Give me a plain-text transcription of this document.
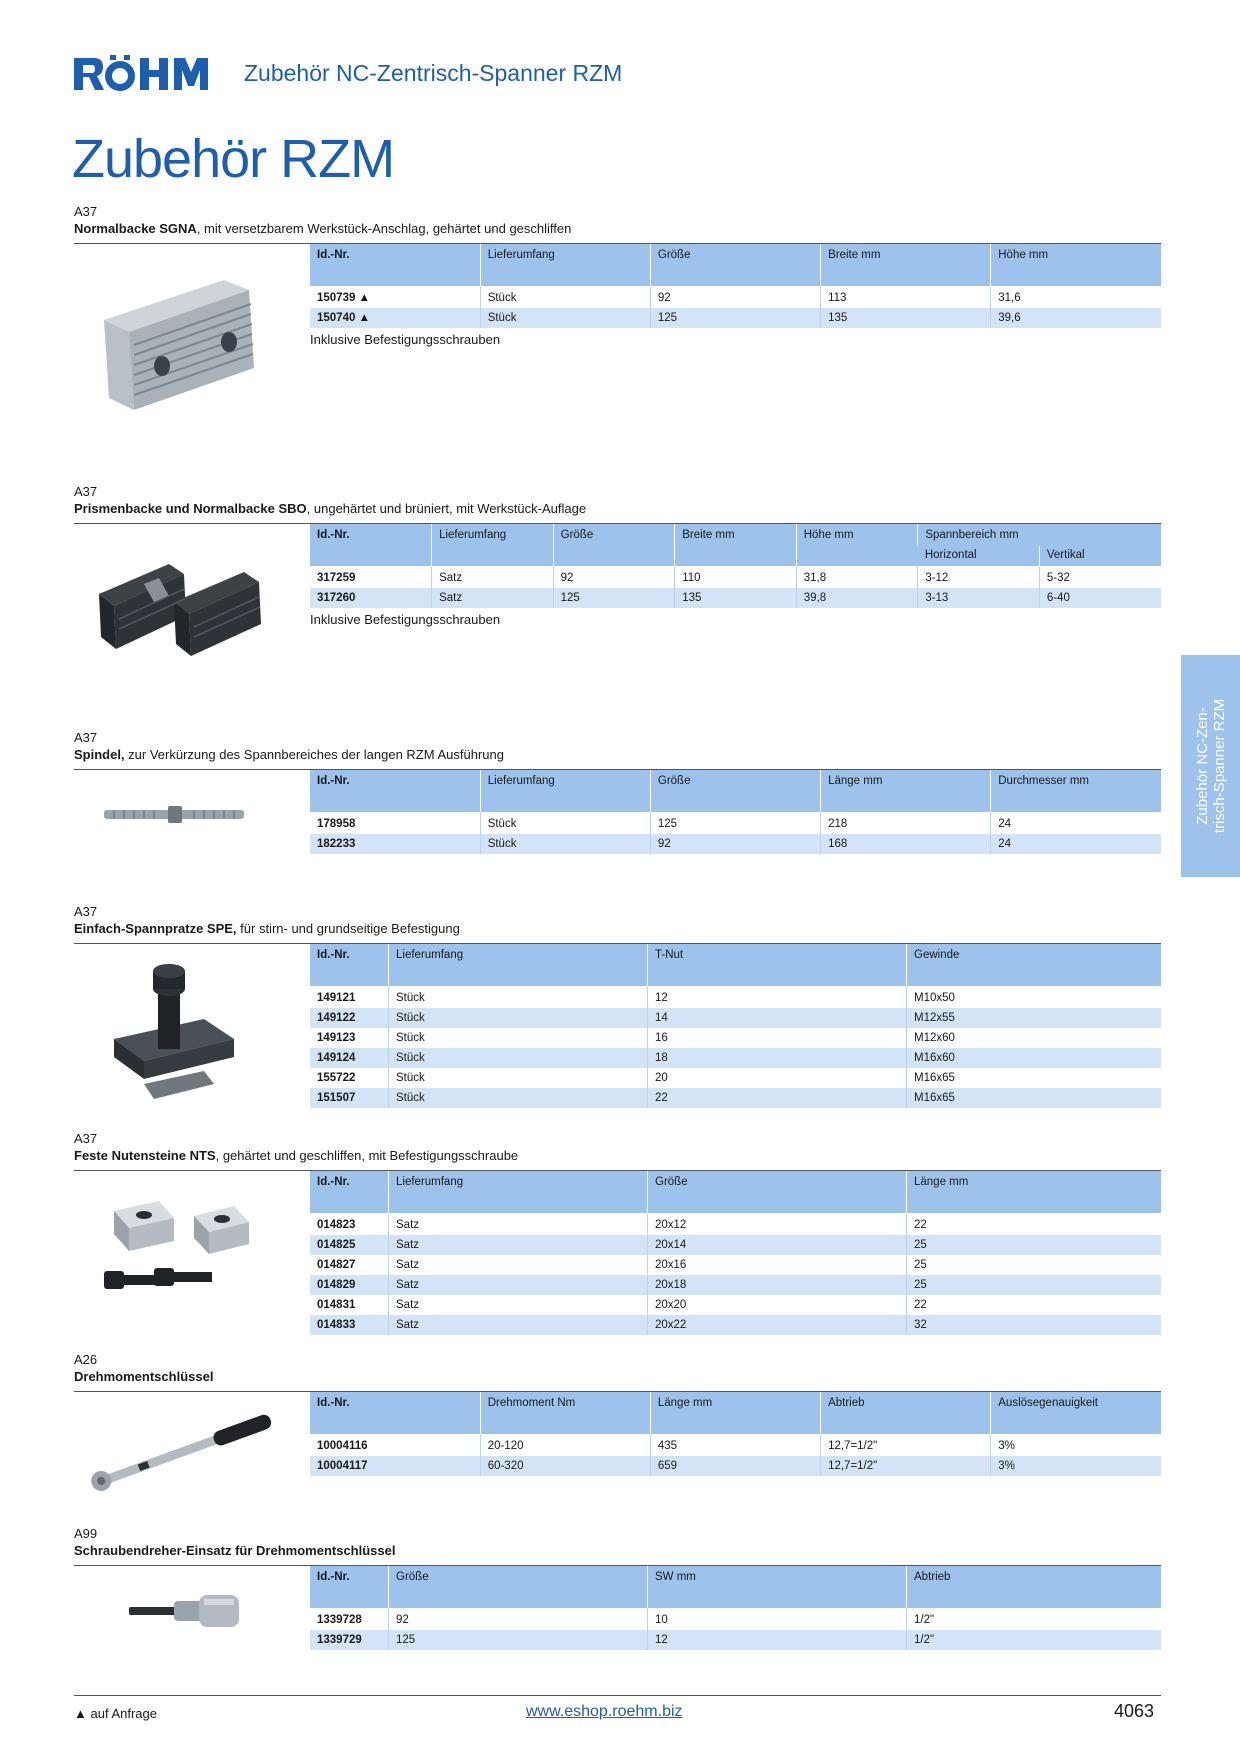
Zubehör NC-Zentrisch-Spanner RZM
Zubehör RZM
Zubehör NC-Zen- trisch-Spanner RZM
A37
Normalbacke SGNA, mit versetzbarem Werkstück-Anschlag, gehärtet und geschliffen
Id.-Nr.	Lieferumfang	Größe	Breite mm	Höhe mm
150739 ▲	Stück	92	113	31,6
150740 ▲	Stück	125	135	39,6
Inklusive Befestigungsschrauben
A37
Prismenbacke und Normalbacke SBO, ungehärtet und brüniert, mit Werkstück-Auflage
Id.-Nr.	Lieferumfang	Größe	Breite mm	Höhe mm	Spannbereich mm	
					Horizontal	Vertikal
317259	Satz	92	110	31,8	3-12	5-32
317260	Satz	125	135	39,8	3-13	6-40
Inklusive Befestigungsschrauben
A37
Spindel, zur Verkürzung des Spannbereiches der langen RZM Ausführung
Id.-Nr.	Lieferumfang	Größe	Länge mm	Durchmesser mm
178958	Stück	125	218	24
182233	Stück	92	168	24
A37
Einfach-Spannpratze SPE, für stirn- und grundseitige Befestigung
Id.-Nr.	Lieferumfang	T-Nut	Gewinde
149121	Stück	12	M10x50
149122	Stück	14	M12x55
149123	Stück	16	M12x60
149124	Stück	18	M16x60
155722	Stück	20	M16x65
151507	Stück	22	M16x65
A37
Feste Nutensteine NTS, gehärtet und geschliffen, mit Befestigungsschraube
Id.-Nr.	Lieferumfang	Größe	Länge mm
014823	Satz	20x12	22
014825	Satz	20x14	25
014827	Satz	20x16	25
014829	Satz	20x18	25
014831	Satz	20x20	22
014833	Satz	20x22	32
A26
Drehmomentschlüssel
Id.-Nr.	Drehmoment Nm	Länge mm	Abtrieb	Auslösegenauigkeit
10004116	20-120	435	12,7=1/2"	3%
10004117	60-320	659	12,7=1/2"	3%
A99
Schraubendreher-Einsatz für Drehmomentschlüssel
Id.-Nr.	Größe	SW mm	Abtrieb
1339728	92	10	1/2"
1339729	125	12	1/2"
▲ auf Anfrage	www.eshop.roehm.biz	4063
